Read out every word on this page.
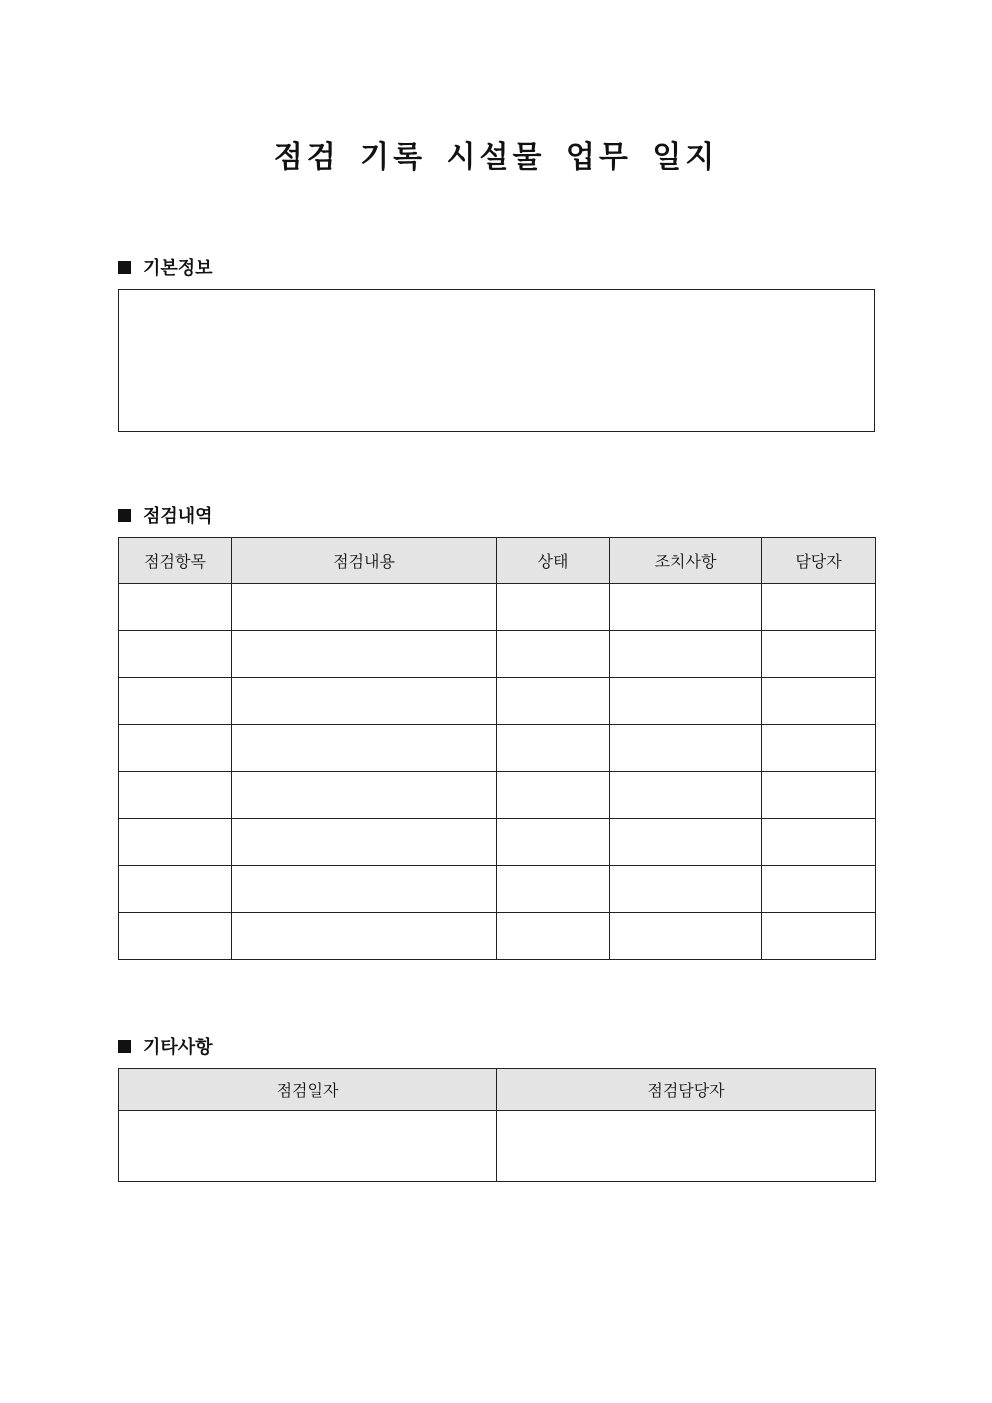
점검 기록 시설물 업무 일지
기본정보
점검내역
점검항목	점검내용	상태	조치사항	담당자

기타사항
점검일자	점검담당자
